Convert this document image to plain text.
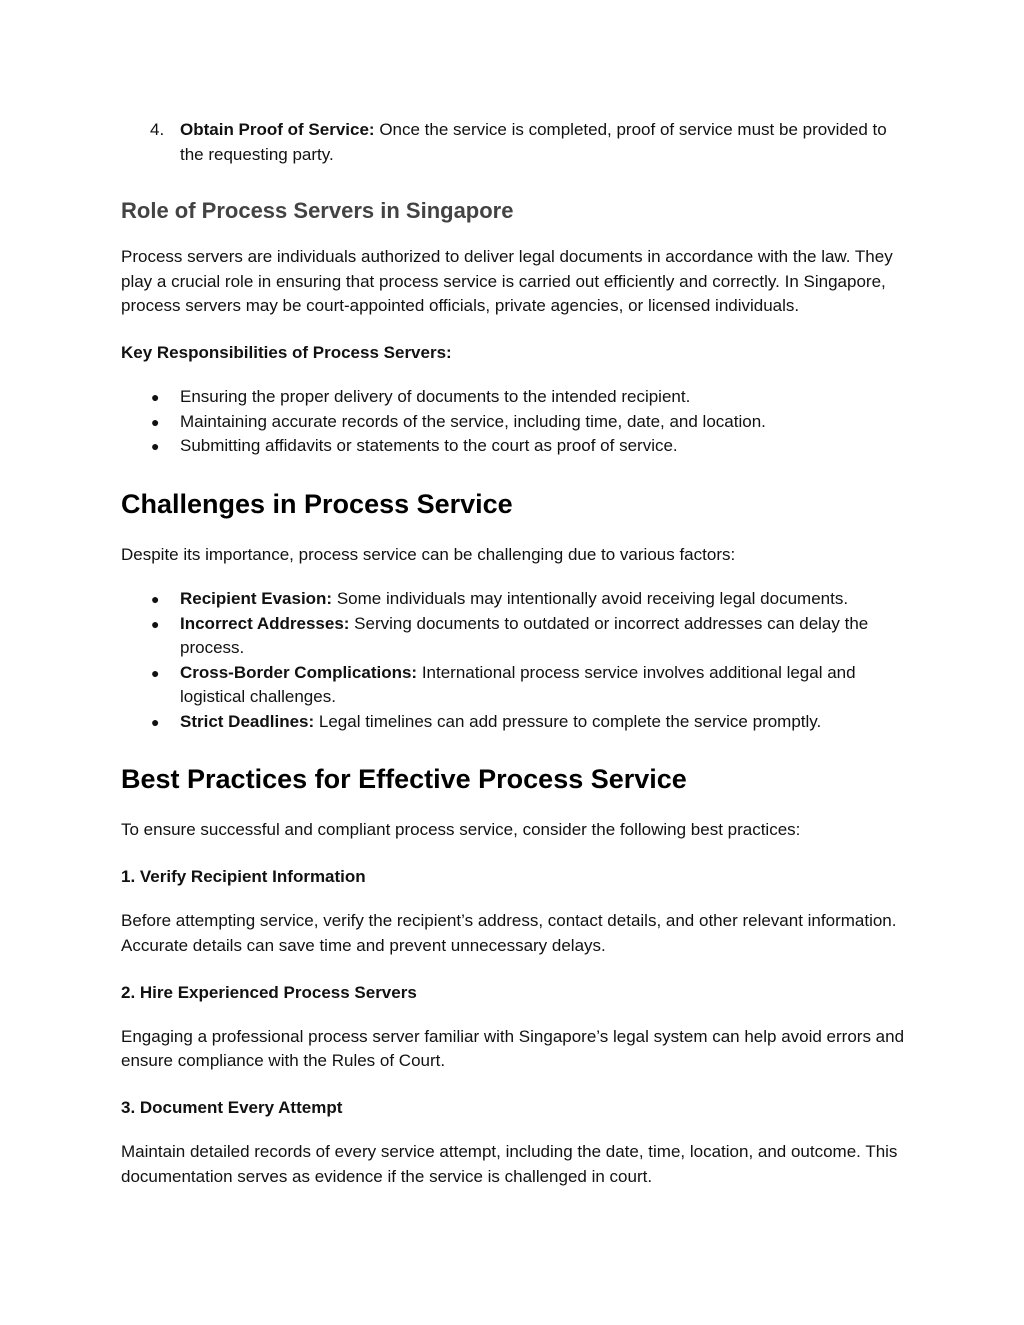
4. Obtain Proof of Service: Once the service is completed, proof of service must be provided to the requesting party.
Role of Process Servers in Singapore

Process servers are individuals authorized to deliver legal documents in accordance with the law. They play a crucial role in ensuring that process service is carried out efficiently and correctly. In Singapore, process servers may be court-appointed officials, private agencies, or licensed individuals.

Key Responsibilities of Process Servers:
●	Ensuring the proper delivery of documents to the intended recipient.
●	Maintaining accurate records of the service, including time, date, and location.
●	Submitting affidavits or statements to the court as proof of service.
Challenges in Process Service

Despite its importance, process service can be challenging due to various factors:

●	Recipient Evasion: Some individuals may intentionally avoid receiving legal documents.
●	Incorrect Addresses: Serving documents to outdated or incorrect addresses can delay the process.
●	Cross-Border Complications: International process service involves additional legal and logistical challenges.
●	Strict Deadlines: Legal timelines can add pressure to complete the service promptly.
Best Practices for Effective Process Service

To ensure successful and compliant process service, consider the following best practices:

1. Verify Recipient Information

Before attempting service, verify the recipient’s address, contact details, and other relevant information. Accurate details can save time and prevent unnecessary delays.

2. Hire Experienced Process Servers

Engaging a professional process server familiar with Singapore’s legal system can help avoid errors and ensure compliance with the Rules of Court.

3. Document Every Attempt

Maintain detailed records of every service attempt, including the date, time, location, and outcome. This documentation serves as evidence if the service is challenged in court.
